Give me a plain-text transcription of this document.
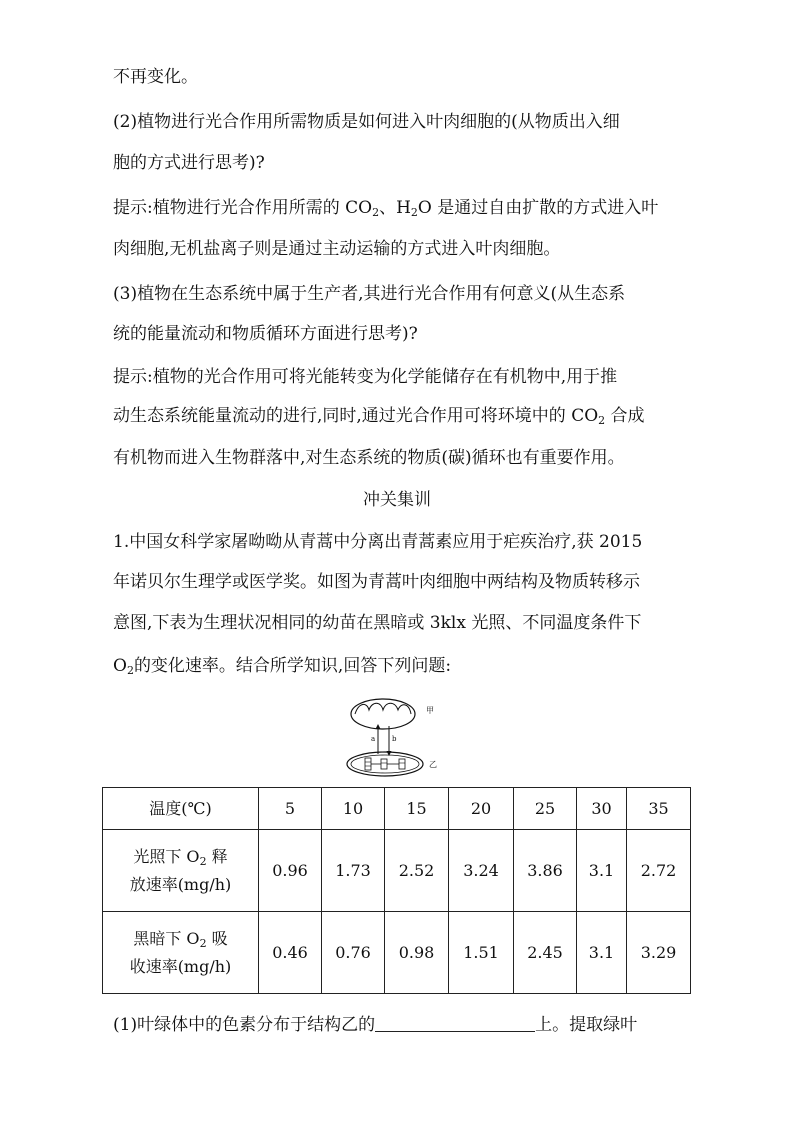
不再变化。
(2)植物进行光合作用所需物质是如何进入叶肉细胞的(从物质出入细
胞的方式进行思考)?
提示:植物进行光合作用所需的 $CO_2$、$H_2O$ 是通过自由扩散的方式进入叶
肉细胞,无机盐离子则是通过主动运输的方式进入叶肉细胞。
(3)植物在生态系统中属于生产者,其进行光合作用有何意义(从生态系
统的能量流动和物质循环方面进行思考)?
提示:植物的光合作用可将光能转变为化学能储存在有机物中,用于推
动生态系统能量流动的进行,同时,通过光合作用可将环境中的 $CO_2$ 合成
有机物而进入生物群落中,对生态系统的物质(碳)循环也有重要作用。
冲关集训
1.中国女科学家屠呦呦从青蒿中分离出青蒿素应用于疟疾治疗,获 2015
年诺贝尔生理学或医学奖。如图为青蒿叶肉细胞中两结构及物质转移示
意图,下表为生理状况相同的幼苗在黑暗或 3klx 光照、不同温度条件下
$O_2$的变化速率。结合所学知识,回答下列问题:
甲
a b
乙
温度(℃)	5	10	15	20	25	30	35

光照下 $O_2$ 释
放速率(mg/h)	0.96	1.73	2.52	3.24	3.86	3.1	2.72

黑暗下 $O_2$ 吸
收速率(mg/h)	0.46	0.76	0.98	1.51	2.45	3.1	3.29
(1)叶绿体中的色素分布于结构乙的	上。提取绿叶
